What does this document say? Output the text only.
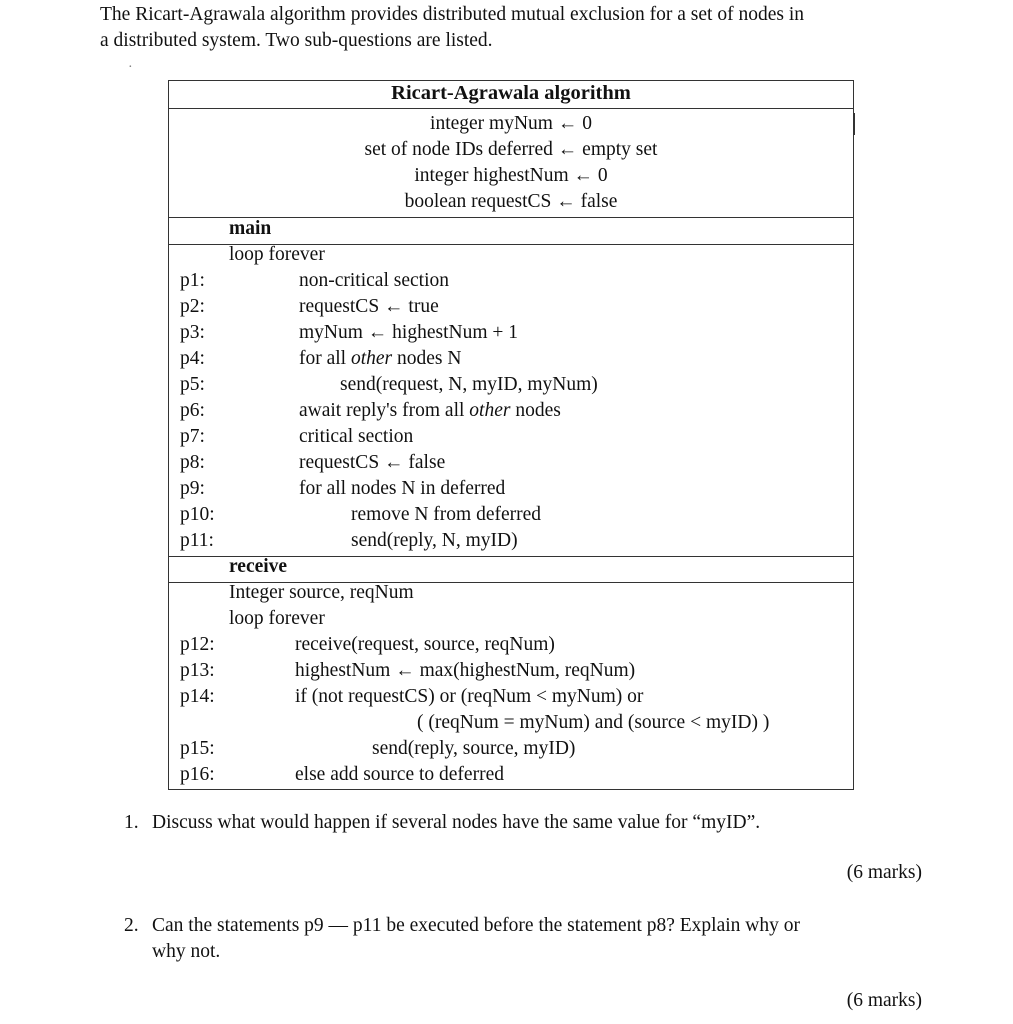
The Ricart-Agrawala algorithm provides distributed mutual exclusion for a set of nodes in
a distributed system. Two sub-questions are listed.
·
Ricart-Agrawala algorithm
integer myNum ← 0
set of node IDs deferred ← empty set
integer highestNum ← 0
boolean requestCS ← false
main
loop forever
p1:	non-critical section
p2:	requestCS ← true
p3:	myNum ← highestNum + 1
p4:	for all other nodes N
p5:	send(request, N, myID, myNum)
p6:	await reply's from all other nodes
p7:	critical section
p8:	requestCS ← false
p9:	for all nodes N in deferred
p10:	remove N from deferred
p11:	send(reply, N, myID)
receive
Integer source, reqNum
loop forever
p12:	receive(request, source, reqNum)
p13:	highestNum ← max(highestNum, reqNum)
p14:	if (not requestCS) or (reqNum < myNum) or
( (reqNum = myNum) and (source < myID) )
p15:	send(reply, source, myID)
p16:	else add source to deferred
1. Discuss what would happen if several nodes have the same value for “myID”.
(6 marks)
2. Can the statements p9 — p11 be executed before the statement p8? Explain why or
why not.
(6 marks)
